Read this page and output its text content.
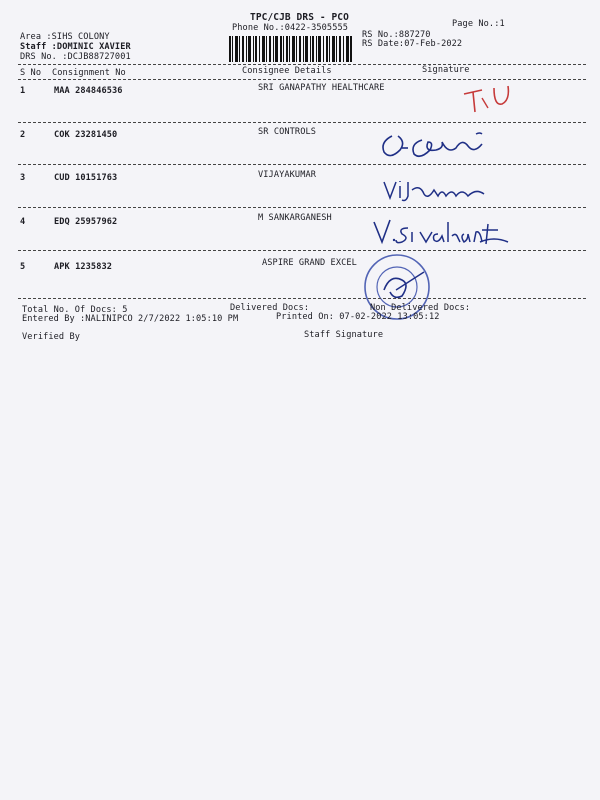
TPC/CJB DRS - PCO
Phone No.:0422-3505555	Page No.:1
Area :SIHS COLONY
Staff :DOMINIC XAVIER
DRS No. :DCJB88727001
RS No.:887270
RS Date:07-Feb-2022
S No Consignment No	Consignee Details	Signature
1	MAA 284846536	SRI GANAPATHY HEALTHCARE
2	COK 23281450	SR CONTROLS
3	CUD 10151763	VIJAYAKUMAR
4	EDQ 25957962	M SANKARGANESH
5	APK 1235832	ASPIRE GRAND EXCEL
Total No. Of Docs: 5	Delivered Docs:	Non Delivered Docs:
Entered By :NALINIPCO 2/7/2022 1:05:10 PM	Printed On: 07-02-2022 13:05:12
Verified By	Staff Signature
